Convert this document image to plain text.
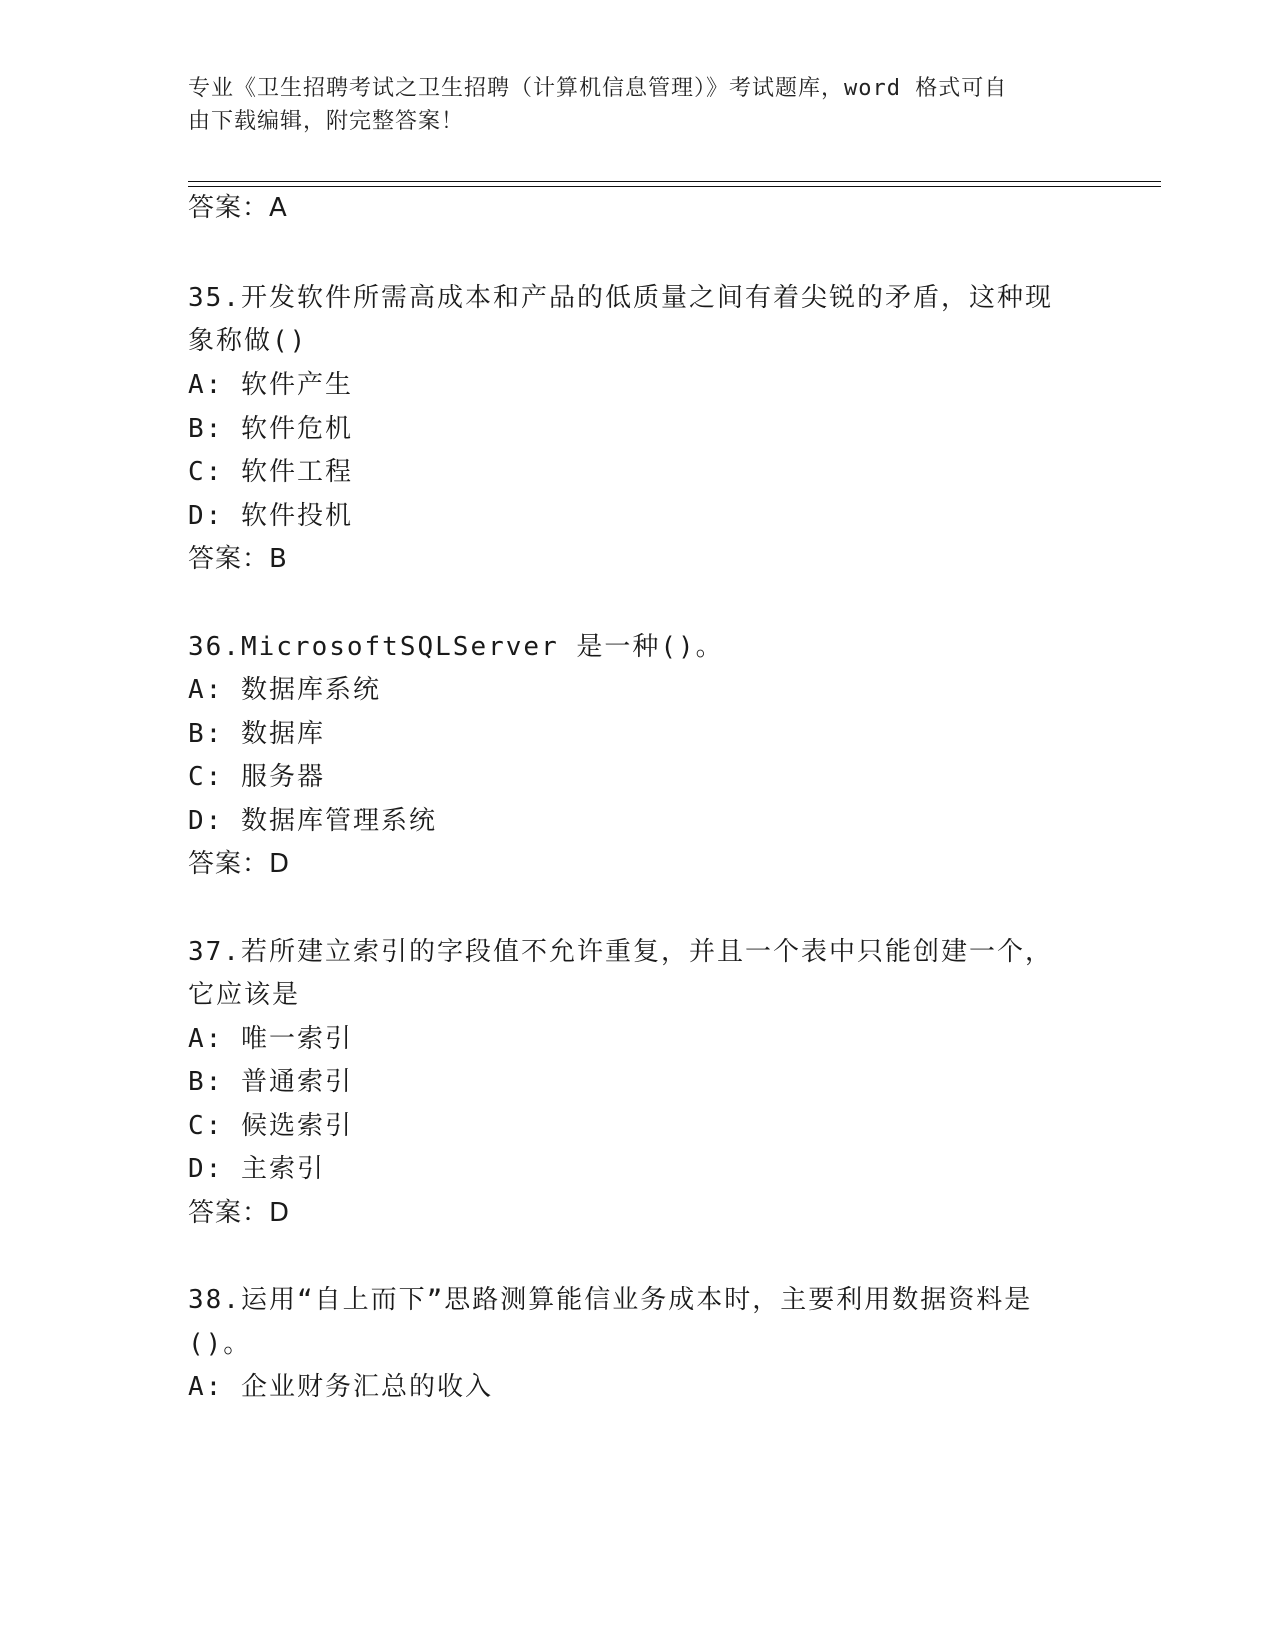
专业《卫生招聘考试之卫生招聘（计算机信息管理）》考试题库，word 格式可自
由下载编辑，附完整答案！
答案：A
35.开发软件所需高成本和产品的低质量之间有着尖锐的矛盾，这种现
象称做()
A: 软件产生
B: 软件危机
C: 软件工程
D: 软件投机
答案：B
36.MicrosoftSQLServer 是一种()。
A: 数据库系统
B: 数据库
C: 服务器
D: 数据库管理系统
答案：D
37.若所建立索引的字段值不允许重复，并且一个表中只能创建一个，
它应该是
A: 唯一索引
B: 普通索引
C: 候选索引
D: 主索引
答案：D
38.运用“自上而下”思路测算能信业务成本时，主要利用数据资料是
()。
A: 企业财务汇总的收入
